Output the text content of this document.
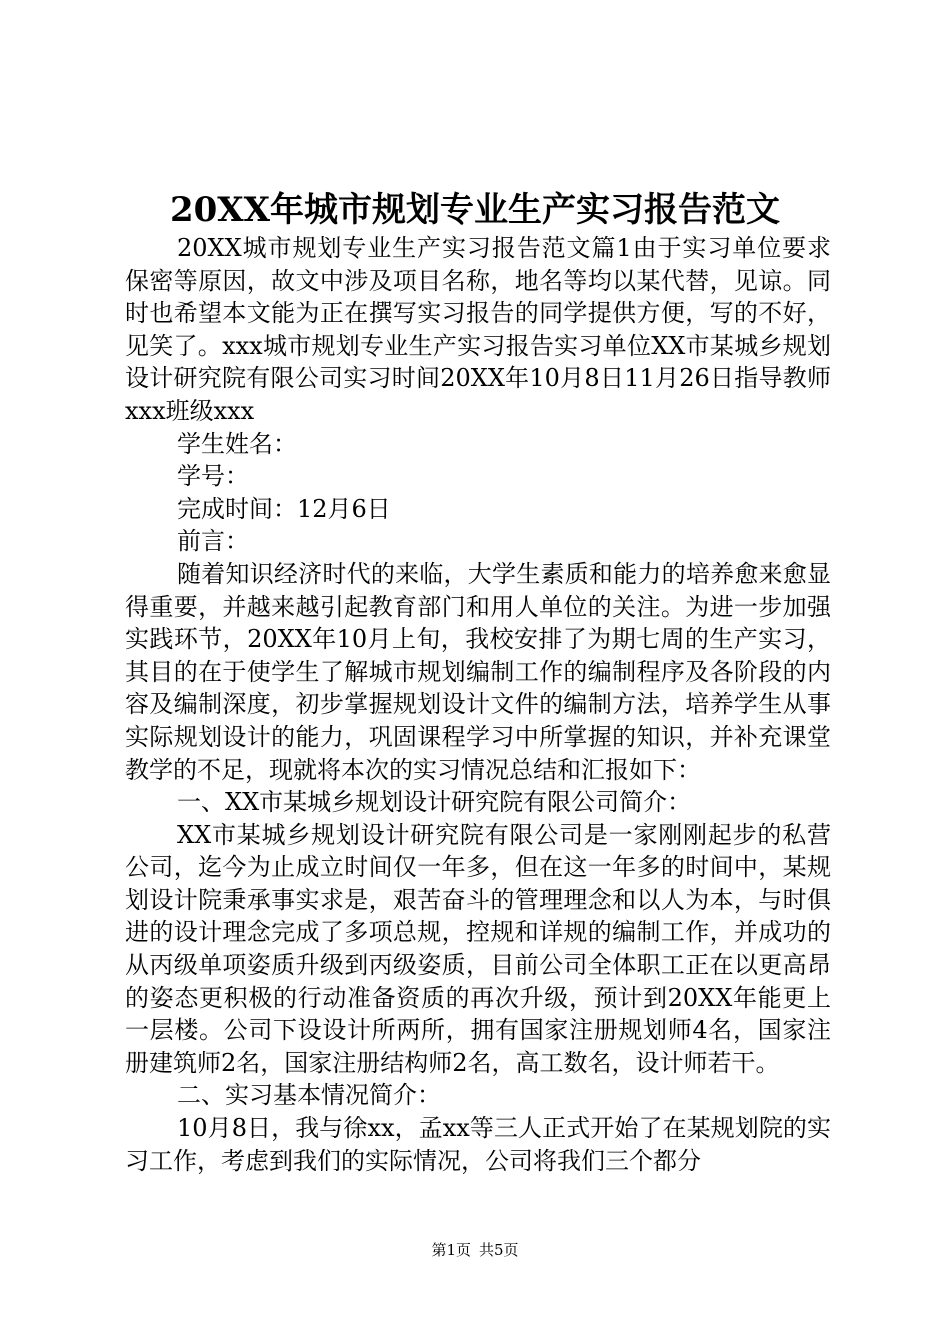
20XX年城市规划专业生产实习报告范文

20XX城市规划专业生产实习报告范文篇1由于实习单位要求保密等原因，故文中涉及项目名称，地名等均以某代替，见谅。同时也希望本文能为正在撰写实习报告的同学提供方便，写的不好，见笑了。xxx城市规划专业生产实习报告实习单位XX市某城乡规划设计研究院有限公司实习时间20XX年10月8日11月26日指导教师xxx班级xxx

学生姓名：

学号：

完成时间：12月6日

前言：

随着知识经济时代的来临，大学生素质和能力的培养愈来愈显得重要，并越来越引起教育部门和用人单位的关注。为进一步加强实践环节，20XX年10月上旬，我校安排了为期七周的生产实习，其目的在于使学生了解城市规划编制工作的编制程序及各阶段的内容及编制深度，初步掌握规划设计文件的编制方法，培养学生从事实际规划设计的能力，巩固课程学习中所掌握的知识，并补充课堂教学的不足，现就将本次的实习情况总结和汇报如下：

一、XX市某城乡规划设计研究院有限公司简介：

XX市某城乡规划设计研究院有限公司是一家刚刚起步的私营公司，迄今为止成立时间仅一年多，但在这一年多的时间中，某规划设计院秉承事实求是，艰苦奋斗的管理理念和以人为本，与时俱进的设计理念完成了多项总规，控规和详规的编制工作，并成功的从丙级单项姿质升级到丙级姿质，目前公司全体职工正在以更高昂的姿态更积极的行动准备资质的再次升级，预计到20XX年能更上一层楼。公司下设设计所两所，拥有国家注册规划师4名，国家注册建筑师2名，国家注册结构师2名，高工数名，设计师若干。

二、实习基本情况简介：

10月8日，我与徐xx，孟xx等三人正式开始了在某规划院的实习工作，考虑到我们的实际情况，公司将我们三个都分

第1页 共5页
